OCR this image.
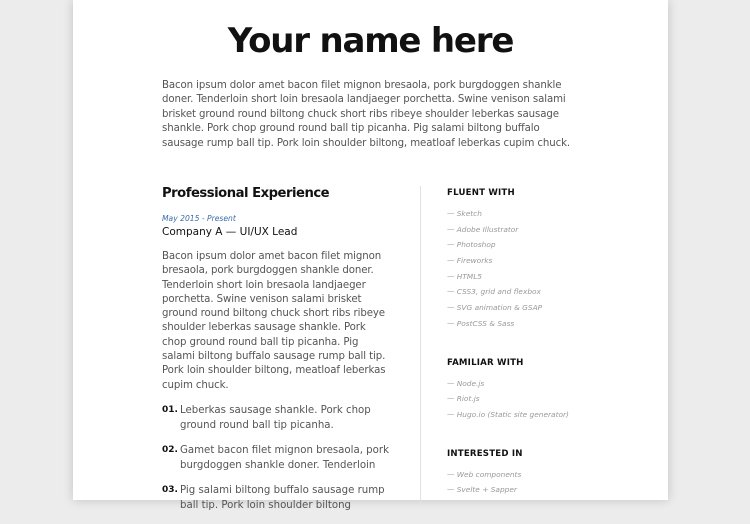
Your name here
Bacon ipsum dolor amet bacon filet mignon bresaola, pork burgdoggen shankle doner. Tenderloin short loin bresaola landjaeger porchetta. Swine venison salami brisket ground round biltong chuck short ribs ribeye shoulder leberkas sausage shankle. Pork chop ground round ball tip picanha. Pig salami biltong buffalo sausage rump ball tip. Pork loin shoulder biltong, meatloaf leberkas cupim chuck.
Professional Experience
May 2015 - Present
Company A — UI/UX Lead
Bacon ipsum dolor amet bacon filet mignon bresaola, pork burgdoggen shankle doner. Tenderloin short loin bresaola landjaeger porchetta. Swine venison salami brisket ground round biltong chuck short ribs ribeye shoulder leberkas sausage shankle. Pork chop ground round ball tip picanha. Pig salami biltong buffalo sausage rump ball tip. Pork loin shoulder biltong, meatloaf leberkas cupim chuck.
01. Leberkas sausage shankle. Pork chop ground round ball tip picanha.
02. Gamet bacon filet mignon bresaola, pork burgdoggen shankle doner. Tenderloin
03. Pig salami biltong buffalo sausage rump ball tip. Pork loin shoulder biltong
FLUENT WITH
— Sketch
— Adobe Illustrator
— Photoshop
— Fireworks
— HTML5
— CSS3, grid and flexbox
— SVG animation & GSAP
— PostCSS & Sass
FAMILIAR WITH
— Node.js
— Riot.js
— Hugo.io (Static site generator)
INTERESTED IN
— Web components
— Svelte + Sapper
